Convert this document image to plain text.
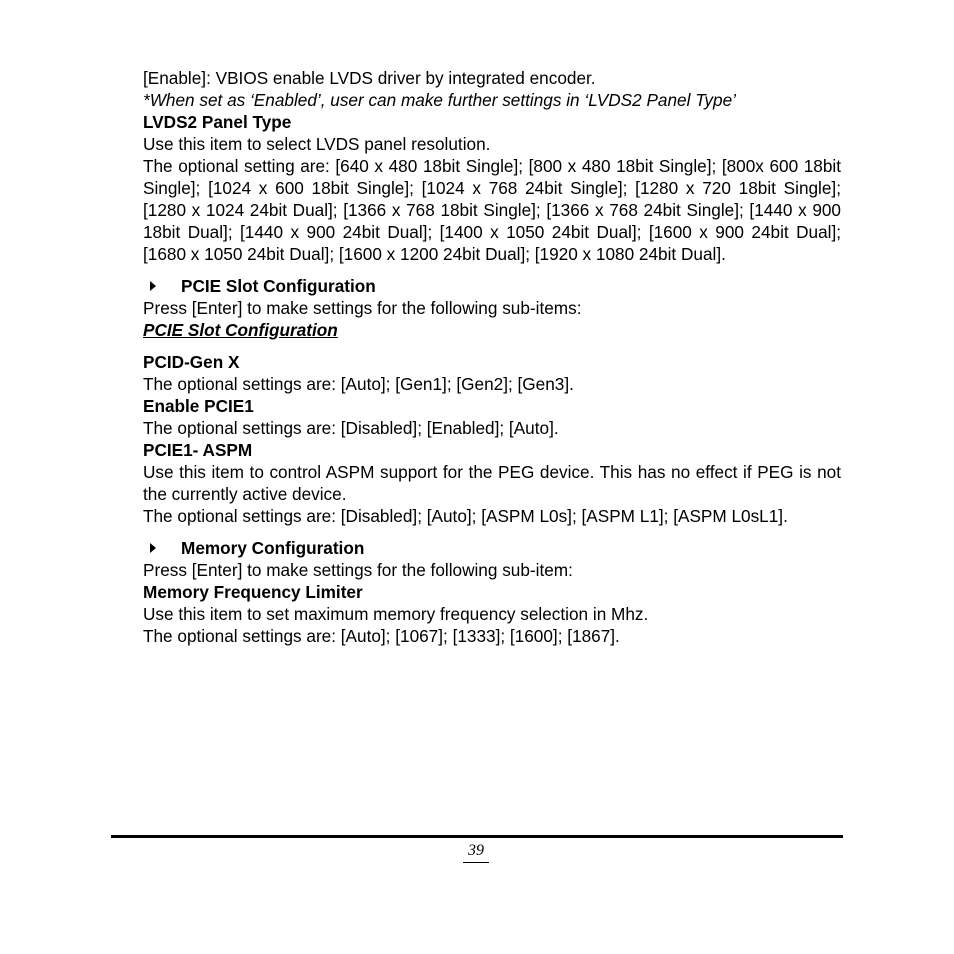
[Enable]: VBIOS enable LVDS driver by integrated encoder.

*When set as ‘Enabled’, user can make further settings in ‘LVDS2 Panel Type’

LVDS2 Panel Type

Use this item to select LVDS panel resolution.

The optional setting are: [640 x 480 18bit Single]; [800 x 480 18bit Single]; [800x 600 18bit Single]; [1024 x 600 18bit Single]; [1024 x 768 24bit Single]; [1280 x 720 18bit Single]; [1280 x 1024 24bit Dual]; [1366 x 768 18bit Single]; [1366 x 768 24bit Single]; [1440 x 900 18bit Dual]; [1440 x 900 24bit Dual]; [1400 x 1050 24bit Dual]; [1600 x 900 24bit Dual]; [1680 x 1050 24bit Dual]; [1600 x 1200 24bit Dual]; [1920 x 1080 24bit Dual].

PCIE Slot Configuration

Press [Enter] to make settings for the following sub-items:

PCIE Slot Configuration

PCID-Gen X

The optional settings are: [Auto]; [Gen1]; [Gen2]; [Gen3].

Enable PCIE1

The optional settings are: [Disabled]; [Enabled]; [Auto].

PCIE1- ASPM

Use this item to control ASPM support for the PEG device. This has no effect if PEG is not the currently active device.

The optional settings are: [Disabled]; [Auto]; [ASPM L0s]; [ASPM L1]; [ASPM L0sL1].

Memory Configuration

Press [Enter] to make settings for the following sub-item:

Memory Frequency Limiter

Use this item to set maximum memory frequency selection in Mhz.

The optional settings are: [Auto]; [1067]; [1333]; [1600]; [1867].

39
